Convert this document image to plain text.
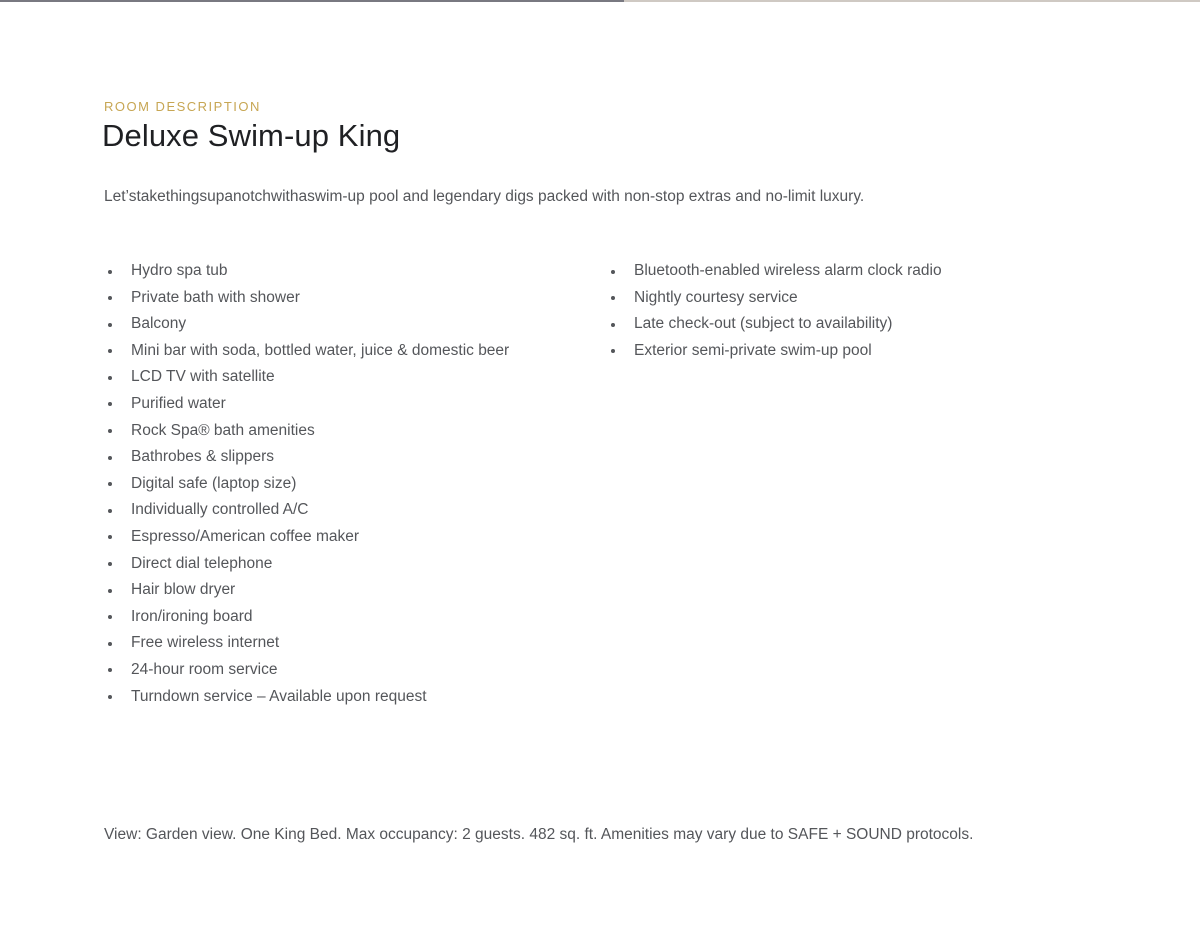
ROOM DESCRIPTION
Deluxe Swim-up King

Let’stakethingsupanotchwithaswim-up pool and legendary digs packed with non-stop extras and no-limit luxury.

Hydro spa tub
Private bath with shower
Balcony
Mini bar with soda, bottled water, juice & domestic beer
LCD TV with satellite
Purified water
Rock Spa® bath amenities
Bathrobes & slippers
Digital safe (laptop size)
Individually controlled A/C
Espresso/American coffee maker
Direct dial telephone
Hair blow dryer
Iron/ironing board
Free wireless internet
24-hour room service
Turndown service – Available upon request
Bluetooth-enabled wireless alarm clock radio
Nightly courtesy service
Late check-out (subject to availability)
Exterior semi-private swim-up pool

View: Garden view. One King Bed. Max occupancy: 2 guests. 482 sq. ft. Amenities may vary due to SAFE + SOUND protocols.
